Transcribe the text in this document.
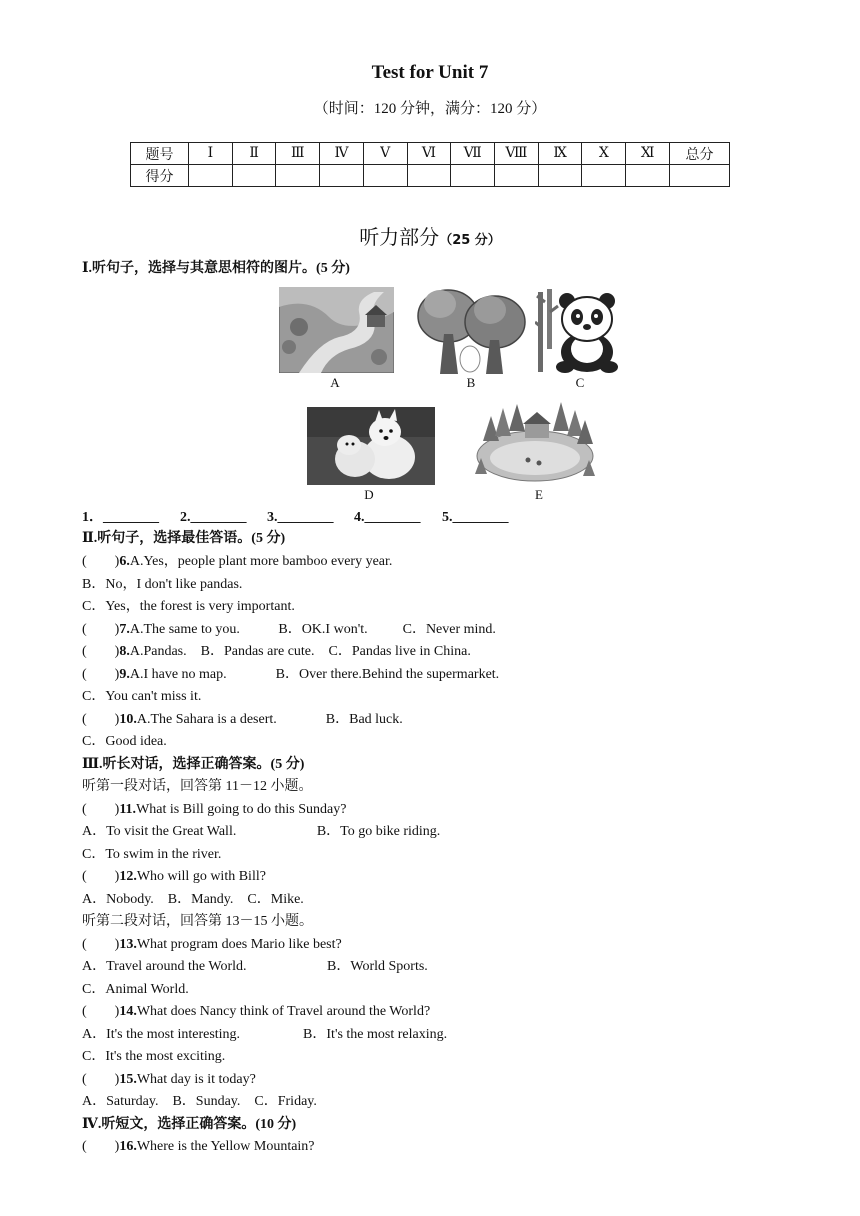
Test for Unit 7
（时间：120 分钟，满分：120 分）
题号	Ⅰ	Ⅱ	Ⅲ	Ⅳ	Ⅴ	Ⅵ	Ⅶ	Ⅷ	Ⅸ	Ⅹ	Ⅺ	总分
得分												
听力部分（25 分）
Ⅰ.听句子，选择与其意思相符的图片。(5 分)
A	B	C
D	E
1．________ 2.________ 3.________ 4.________ 5.________
Ⅱ.听句子，选择最佳答语。(5 分)
(　　)6.A.Yes，people plant more bamboo every year.
B．No，I don't like pandas.
C．Yes，the forest is very important.
(　　)7.A.The same to you.           B．OK.I won't.          C．Never mind.
(　　)8.A.Pandas.    B．Pandas are cute.    C．Pandas live in China.
(　　)9.A.I have no map.              B．Over there.Behind the supermarket.
C．You can't miss it.
(　　)10.A.The Sahara is a desert.              B．Bad luck.
C．Good idea.
Ⅲ.听长对话，选择正确答案。(5 分)
听第一段对话，回答第 11－12 小题。
(　　)11.What is Bill going to do this Sunday?
A．To visit the Great Wall.                       B．To go bike riding.
C．To swim in the river.
(　　)12.Who will go with Bill?
A．Nobody.    B．Mandy.    C．Mike.
听第二段对话，回答第 13－15 小题。
(　　)13.What program does Mario like best?
A．Travel around the World.                       B．World Sports.
C．Animal World.
(　　)14.What does Nancy think of Travel around the World?
A．It's the most interesting.                  B．It's the most relaxing.
C．It's the most exciting.
(　　)15.What day is it today?
A．Saturday.    B．Sunday.    C．Friday.
Ⅳ.听短文，选择正确答案。(10 分)
(　　)16.Where is the Yellow Mountain?
